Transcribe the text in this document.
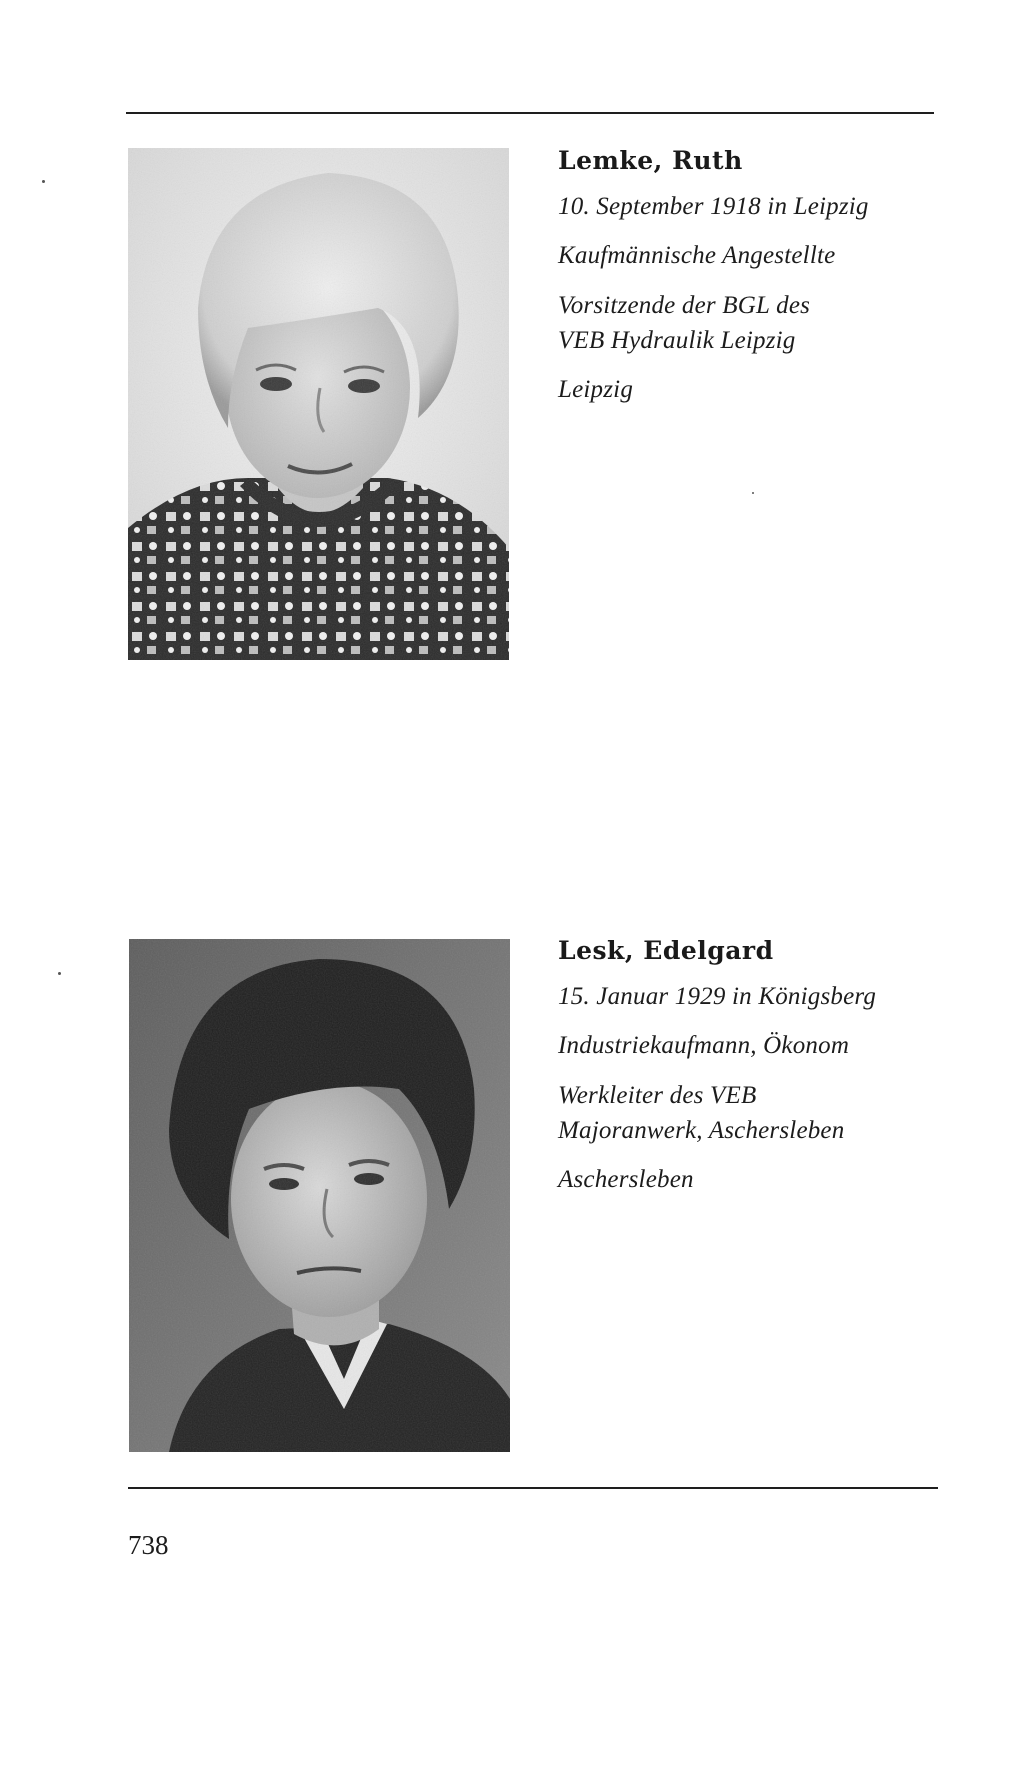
Lemke, Ruth
10. September 1918 in Leipzig
Kaufmännische Angestellte
Vorsitzende der BGL des
VEB Hydraulik Leipzig
Leipzig
Lesk, Edelgard
15. Januar 1929 in Königsberg
Industriekaufmann, Ökonom
Werkleiter des VEB
Majoranwerk, Aschersleben
Aschersleben
738
